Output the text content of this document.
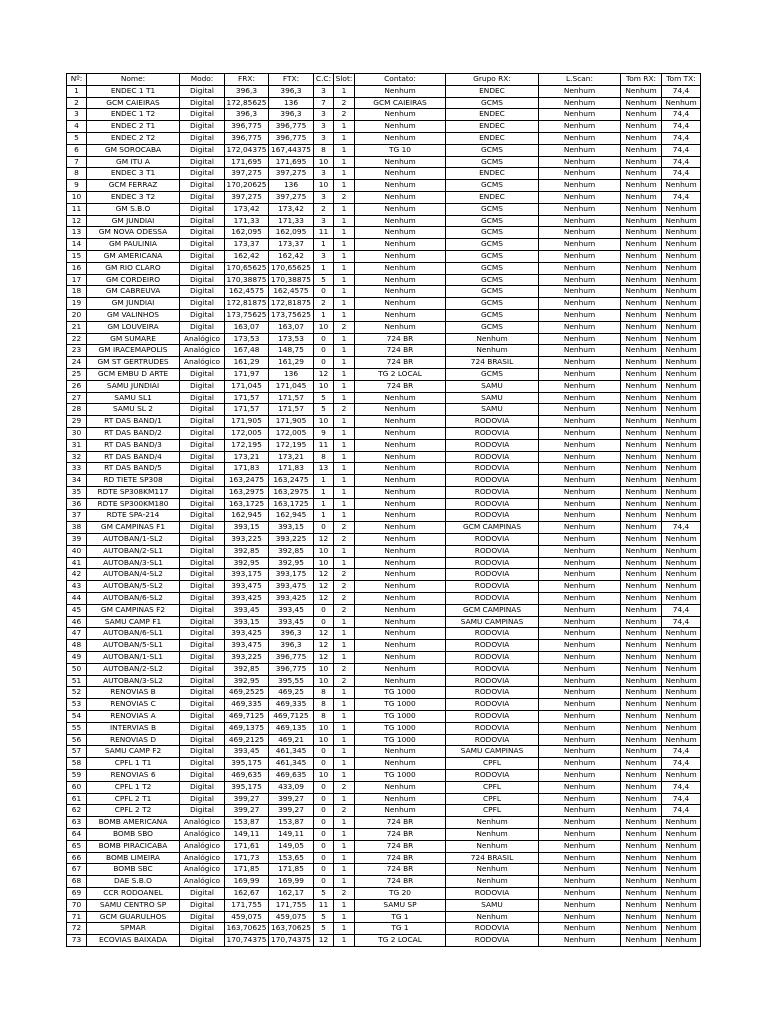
Nº:	Nome:	Modo:	FRX:	FTX:	C.C:	Slot:	Contato:	Grupo RX:	L.Scan:	Tom RX:	Tom TX:
1	ENDEC 1 T1	Digital	396,3	396,3	3	1	Nenhum	ENDEC	Nenhum	Nenhum	74,4
2	GCM CAIEIRAS	Digital	172,85625	136	7	2	GCM CAIEIRAS	GCMS	Nenhum	Nenhum	Nenhum
3	ENDEC 1 T2	Digital	396,3	396,3	3	2	Nenhum	ENDEC	Nenhum	Nenhum	74,4
4	ENDEC 2 T1	Digital	396,775	396,775	3	1	Nenhum	ENDEC	Nenhum	Nenhum	74,4
5	ENDEC 2 T2	Digital	396,775	396,775	3	1	Nenhum	ENDEC	Nenhum	Nenhum	74,4
6	GM SOROCABA	Digital	172,04375	167,44375	8	1	TG 10	GCMS	Nenhum	Nenhum	74,4
7	GM ITU A	Digital	171,695	171,695	10	1	Nenhum	GCMS	Nenhum	Nenhum	74,4
8	ENDEC 3 T1	Digital	397,275	397,275	3	1	Nenhum	ENDEC	Nenhum	Nenhum	74,4
9	GCM FERRAZ	Digital	170,20625	136	10	1	Nenhum	GCMS	Nenhum	Nenhum	Nenhum
10	ENDEC 3 T2	Digital	397,275	397,275	3	2	Nenhum	ENDEC	Nenhum	Nenhum	74,4
11	GM S.B.O	Digital	173,42	173,42	2	1	Nenhum	GCMS	Nenhum	Nenhum	Nenhum
12	GM JUNDIAI	Digital	171,33	171,33	3	1	Nenhum	GCMS	Nenhum	Nenhum	Nenhum
13	GM NOVA ODESSA	Digital	162,095	162,095	11	1	Nenhum	GCMS	Nenhum	Nenhum	Nenhum
14	GM PAULINIA	Digital	173,37	173,37	1	1	Nenhum	GCMS	Nenhum	Nenhum	Nenhum
15	GM AMERICANA	Digital	162,42	162,42	3	1	Nenhum	GCMS	Nenhum	Nenhum	Nenhum
16	GM RIO CLARO	Digital	170,65625	170,65625	1	1	Nenhum	GCMS	Nenhum	Nenhum	Nenhum
17	GM CORDEIRO	Digital	170,38875	170,38875	5	1	Nenhum	GCMS	Nenhum	Nenhum	Nenhum
18	GM CABREUVA	Digital	162,4575	162,4575	0	1	Nenhum	GCMS	Nenhum	Nenhum	Nenhum
19	GM JUNDIAI	Digital	172,81875	172,81875	2	1	Nenhum	GCMS	Nenhum	Nenhum	Nenhum
20	GM VALINHOS	Digital	173,75625	173,75625	1	1	Nenhum	GCMS	Nenhum	Nenhum	Nenhum
21	GM LOUVEIRA	Digital	163,07	163,07	10	2	Nenhum	GCMS	Nenhum	Nenhum	Nenhum
22	GM SUMARE	Analógico	173,53	173,53	0	1	724 BR	Nenhum	Nenhum	Nenhum	Nenhum
23	GM IRACEMAPOLIS	Analógico	167,48	148,75	0	1	724 BR	Nenhum	Nenhum	Nenhum	Nenhum
24	GM ST GERTRUDES	Analógico	161,29	161,29	0	1	724 BR	724 BRASIL	Nenhum	Nenhum	Nenhum
25	GCM EMBU D ARTE	Digital	171,97	136	12	1	TG 2 LOCAL	GCMS	Nenhum	Nenhum	Nenhum
26	SAMU JUNDIAI	Digital	171,045	171,045	10	1	724 BR	SAMU	Nenhum	Nenhum	Nenhum
27	SAMU SL1	Digital	171,57	171,57	5	1	Nenhum	SAMU	Nenhum	Nenhum	Nenhum
28	SAMU SL 2	Digital	171,57	171,57	5	2	Nenhum	SAMU	Nenhum	Nenhum	Nenhum
29	RT DAS BAND/1	Digital	171,905	171,905	10	1	Nenhum	RODOVIA	Nenhum	Nenhum	Nenhum
30	RT DAS BAND/2	Digital	172,005	172,005	9	1	Nenhum	RODOVIA	Nenhum	Nenhum	Nenhum
31	RT DAS BAND/3	Digital	172,195	172,195	11	1	Nenhum	RODOVIA	Nenhum	Nenhum	Nenhum
32	RT DAS BAND/4	Digital	173,21	173,21	8	1	Nenhum	RODOVIA	Nenhum	Nenhum	Nenhum
33	RT DAS BAND/5	Digital	171,83	171,83	13	1	Nenhum	RODOVIA	Nenhum	Nenhum	Nenhum
34	RD TIETE SP308	Digital	163,2475	163,2475	1	1	Nenhum	RODOVIA	Nenhum	Nenhum	Nenhum
35	RDTE SP308KM117	Digital	163,2975	163,2975	1	1	Nenhum	RODOVIA	Nenhum	Nenhum	Nenhum
36	RDTE SP300KM180	Digital	163,1725	163,1725	1	1	Nenhum	RODOVIA	Nenhum	Nenhum	Nenhum
37	RDTE SPA-214	Digital	162,945	162,945	1	1	Nenhum	RODOVIA	Nenhum	Nenhum	Nenhum
38	GM CAMPINAS F1	Digital	393,15	393,15	0	2	Nenhum	GCM CAMPINAS	Nenhum	Nenhum	74,4
39	AUTOBAN/1-SL2	Digital	393,225	393,225	12	2	Nenhum	RODOVIA	Nenhum	Nenhum	Nenhum
40	AUTOBAN/2-SL1	Digital	392,85	392,85	10	1	Nenhum	RODOVIA	Nenhum	Nenhum	Nenhum
41	AUTOBAN/3-SL1	Digital	392,95	392,95	10	1	Nenhum	RODOVIA	Nenhum	Nenhum	Nenhum
42	AUTOBAN/4-SL2	Digital	393,175	393,175	12	2	Nenhum	RODOVIA	Nenhum	Nenhum	Nenhum
43	AUTOBAN/5-SL2	Digital	393,475	393,475	12	2	Nenhum	RODOVIA	Nenhum	Nenhum	Nenhum
44	AUTOBAN/6-SL2	Digital	393,425	393,425	12	2	Nenhum	RODOVIA	Nenhum	Nenhum	Nenhum
45	GM CAMPINAS F2	Digital	393,45	393,45	0	2	Nenhum	GCM CAMPINAS	Nenhum	Nenhum	74,4
46	SAMU CAMP F1	Digital	393,15	393,45	0	1	Nenhum	SAMU CAMPINAS	Nenhum	Nenhum	74,4
47	AUTOBAN/6-SL1	Digital	393,425	396,3	12	1	Nenhum	RODOVIA	Nenhum	Nenhum	Nenhum
48	AUTOBAN/5-SL1	Digital	393,475	396,3	12	1	Nenhum	RODOVIA	Nenhum	Nenhum	Nenhum
49	AUTOBAN/1-SL1	Digital	393,225	396,775	12	1	Nenhum	RODOVIA	Nenhum	Nenhum	Nenhum
50	AUTOBAN/2-SL2	Digital	392,85	396,775	10	2	Nenhum	RODOVIA	Nenhum	Nenhum	Nenhum
51	AUTOBAN/3-SL2	Digital	392,95	395,55	10	2	Nenhum	RODOVIA	Nenhum	Nenhum	Nenhum
52	RENOVIAS B	Digital	469,2525	469,25	8	1	TG 1000	RODOVIA	Nenhum	Nenhum	Nenhum
53	RENOVIAS C	Digital	469,335	469,335	8	1	TG 1000	RODOVIA	Nenhum	Nenhum	Nenhum
54	RENOVIAS A	Digital	469,7125	469,7125	8	1	TG 1000	RODOVIA	Nenhum	Nenhum	Nenhum
55	INTERVIAS B	Digital	469,1375	469,135	10	1	TG 1000	RODOVIA	Nenhum	Nenhum	Nenhum
56	RENOVIAS D	Digital	469,2125	469,21	10	1	TG 1000	RODOVIA	Nenhum	Nenhum	Nenhum
57	SAMU CAMP F2	Digital	393,45	461,345	0	1	Nenhum	SAMU CAMPINAS	Nenhum	Nenhum	74,4
58	CPFL 1 T1	Digital	395,175	461,345	0	1	Nenhum	CPFL	Nenhum	Nenhum	74,4
59	RENOVIAS 6	Digital	469,635	469,635	10	1	TG 1000	RODOVIA	Nenhum	Nenhum	Nenhum
60	CPFL 1 T2	Digital	395,175	433,09	0	2	Nenhum	CPFL	Nenhum	Nenhum	74,4
61	CPFL 2 T1	Digital	399,27	399,27	0	1	Nenhum	CPFL	Nenhum	Nenhum	74,4
62	CPFL 2 T2	Digital	399,27	399,27	0	2	Nenhum	CPFL	Nenhum	Nenhum	74,4
63	BOMB AMERICANA	Analógico	153,87	153,87	0	1	724 BR	Nenhum	Nenhum	Nenhum	Nenhum
64	BOMB SBO	Analógico	149,11	149,11	0	1	724 BR	Nenhum	Nenhum	Nenhum	Nenhum
65	BOMB PIRACICABA	Analógico	171,61	149,05	0	1	724 BR	Nenhum	Nenhum	Nenhum	Nenhum
66	BOMB LIMEIRA	Analógico	171,73	153,65	0	1	724 BR	724 BRASIL	Nenhum	Nenhum	Nenhum
67	BOMB SBC	Analógico	171,85	171,85	0	1	724 BR	Nenhum	Nenhum	Nenhum	Nenhum
68	DAE S.B.O	Analógico	169,99	169,99	0	1	724 BR	Nenhum	Nenhum	Nenhum	Nenhum
69	CCR RODOANEL	Digital	162,67	162,17	5	2	TG 20	RODOVIA	Nenhum	Nenhum	Nenhum
70	SAMU CENTRO SP	Digital	171,755	171,755	11	1	SAMU SP	SAMU	Nenhum	Nenhum	Nenhum
71	GCM GUARULHOS	Digital	459,075	459,075	5	1	TG 1	Nenhum	Nenhum	Nenhum	Nenhum
72	SPMAR	Digital	163,70625	163,70625	5	1	TG 1	RODOVIA	Nenhum	Nenhum	Nenhum
73	ECOVIAS BAIXADA	Digital	170,74375	170,74375	12	1	TG 2 LOCAL	RODOVIA	Nenhum	Nenhum	Nenhum
